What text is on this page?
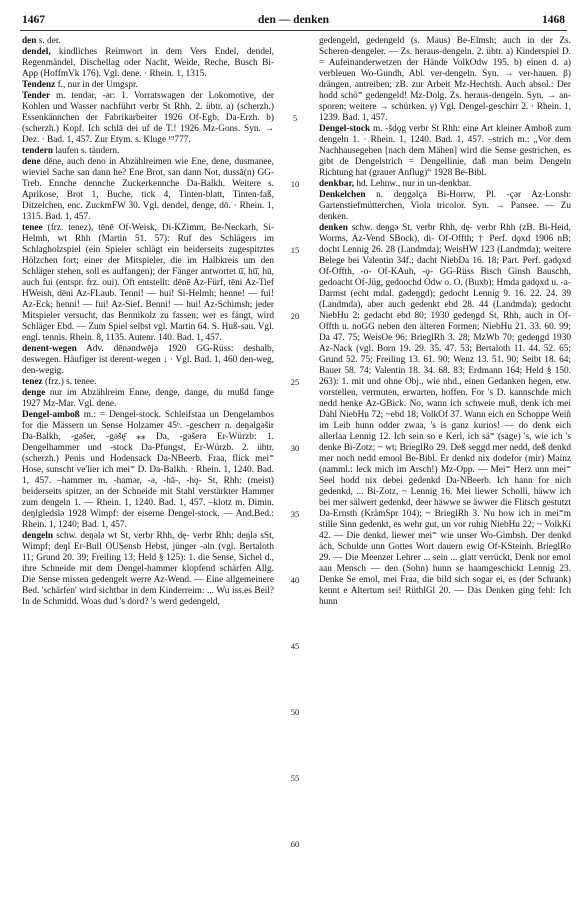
1467	den — denken	1468

den s. der.

dendel, kindliches Reimwort in dem Vers Endel, dendel, Regenmändel, Dischellag oder Nacht, Weide, Reche, Busch Bi-App (HoffmVk 176). Vgl. dene. · Rhein. 1, 1315.

Tendenz f., nur in der Umgspr.

Tender m. tendər, -ər: 1. Vorratswagen der Lokomotive, der Kohlen und Wasser nachführt verbr St Rhh. 2. übtr. a) (scherzh.) Essenkännchen der Fabrikarbeiter 1926 Of-Egb, Da-Erzh. b) (scherzh.) Kopf. Ich schlā dei uf de T.! 1926 Mz-Gons. Syn. → Dez. · Bad. 1, 457. Zur Etym. s. Kluge ¹⁹777.

tendern laufen s. tändern.

dene dēne, auch deno in Abzählreimen wie Ene, dene, dusmanee, wieviel Sache san dann he? Ene Brot, san dann Not, dussā(n) GG-Treb. Ennche dennche Zuckerkennche Da-Balkh. Weitere s. Aprikose, Brot 1, Buche, tick 4, Tinten-blatt, Tinten-faß, Ditzelchen, enc. ZuckmFW 30. Vgl. dendel, denge, dō. · Rhein. 1, 1315. Bad. 1, 457.

tenee (frz. tenez), tēnē Of-Weisk, Di-KZimm, Be-Neckarh, Si-Helmh, wt Rhh (Martin 51. 57): Ruf des Schlägers im Schlagholzspiel (ein Spieler schlägt ein beiderseits zugespitztes Hölzchen fort; einer der Mitspieler, die im Halbkreis um den Schläger stehen, soll es auffangen); der Fänger antwortet ū̄, hū̄, hū, auch fui (entspr. frz. oui). Oft entstellt: dēnē Az-Fürf, tēni Az-Tief HWeish, dēni Az-FLaub. Tenni! — hui! Si-Helmh; henne! — fui! Az-Eck; henni! — fui! Az-Sief. Benni! — hui! Az-Schimsh; jeder Mitspieler versucht, das Bennikolz zu fassen; wer es fängt, wird Schläger Ebd. — Zum Spiel selbst vgl. Martin 64. S. Huß-sau. Vgl. engl. tennis. Rhein. 8, 1135. Autenr. 140. Bad. 1, 457.

denent-wegen Adv. dēnəndwējə 1920 GG-Rüss: deshalb, deswegen. Häufiger ist derent-wegen ↓ · Vgl. Bad. 1, 460 den-weg, den-wegig.

tenez (frz.) s. tenee.

denge nur im Abzählreim Enne, denge, dange, du mußd fange 1927 Mz-Mar. Vgl. dene.

Dengel-amboß m.: = Dengel-stock. Schleifstaa un Dengelambos for die Mässern un Sense Holzamer 45ᵇ. -gescherr n. deŋəlgəšir Da-Balkh, -gəšer, -gəšę̄ ⁎⁎ Da, -gəšerə Er-Würzb: 1. Dengelhammer und -stock Da-Pfungst, Er-Würzb. 2. übtr. (scherzh.) Penis und Hodensack Da-NBeerb. Fraa, flick mei⁼ Hose, sunscht ve'lier ich mei⁼ D. Da-Balkh. · Rhein. 1, 1240. Bad. 1, 457. –hammer m. -hamər, -ə, -hā-, -hǫ- St, Rhh: (meist) beiderseits spitzer, an der Schneide mit Stahl verstärkter Hammer zum dengeln 1. — Rhein. 1, 1240. Bad. 1, 457. –klotz m. Dimin. deŋlgledslə 1928 Wimpf: der eiserne Dengel-stock. — And.Bed.: Rhein. 1, 1240; Bad. 1, 457.

dengeln schw. deŋələ wt St, verbr Rhh, dę- verbr Rhh; deŋlə sSt, Wimpf; deŋl Er-Bull OUSensb Hebst, jünger -əln (vgl. Bertaloth 11; Grund 20. 39; Freiling 13; Held § 125): 1. die Sense, Sichel d., ihre Schneide mit dem Dengel-hammer klopfend schärfen Allg. Die Sense missen gedengelt werre Az-Wend. — Eine allgemeinere Bed. 'schärfen' wird sichtbar in dem Kinderreim: ... Wu iss.es Beil? In de Schmidd. Woas dud 's dord? 's werd gedengeld,

5
10
15
20
25
30
35
40
45
50
55
60

gedengeld, gedengeld (s. Maus) Be-Elmsh; auch in der Zs. Scheren-dengeler. — Zs. heraus-dengeln. 2. übtr. a) Kinderspiel D. = Aufeinanderwetzen der Hände VolkOdw 195. b) einen d. a) verbleuen Wo-Gundh, Abl. ver-dengeln. Syn. → ver-hauen. β) drängen, antreiben; zB. zur Arbeit Mz-Hechtsh. Auch absol.: Der hodd schö⁼ gedengeld! Mz-Dolg. Zs. heraus-dengeln. Syn. → an-sporen; weitere → schürken. γ) Vgl. Dengel-geschirr 2. · Rhein. 1, 1239. Bad. 1, 457.

Dengel-stock m. -šdǫg verbr St Rhh: eine Art kleiner Amboß zum dengeln 1. · Rhein. 1, 1240. Bad. 1, 457. –strich m.: „Vor dem Nachhausegehen [nach dem Mähen] wird die Sense gestrichen, es gibt de Dengelstrich = Dengellinie, daß man beim Dengeln Richtung hat (grauer Anflug)“ 1928 Be-Bibl.

denkbar, hd. Lehnw., nur in un-denkbar.

Denkelchen n. deŋgəlçə Bi-Horrw, Pl. -çər Az-Lonsh: Gartenstiefmütterchen, Viola tricolor. Syn. → Pansee. — Zu denken.

denken schw. deŋgə St, verbr Rhh, dę- verbr Rhh (zB. Bi-Heid, Worms, Az-Vend SBock), di- Of-Offth; † Perf. dǫxd 1906 nB; docht Lennig 26. 28 (Landmda); WeisHW 123 (Landmda); weitere Belege bei Valentin 34f.; dacht NiebDa 16. 18; Part. Perf. gədǫxd Of-Offth, -o- Of-KAuh, -ǫ- GG-Rüss Bisch Ginsh Bauschh, gedoacht Of-Jüg, gedoochd Odw o. O. (Buxb); Hmda gədǫxd u. -a- Darmst (echt mdal. gədeŋgd); gedocht Lennig 9. 16. 22. 24. 39 (Landmda), aber auch gedenkt ebd 28. 44 (Landmda); gedocht NiebHu 2; gedacht ebd 80; 1930 gedeŋgd St, Rhh, auch in Of-Offth u. noGG neben den älteren Formen; NiebHu 21. 33. 60. 99; Da 47. 75; WeisOe 96; BrieglRh 3. 28; MzWb 70; gedeŋgd 1930 Az-Nack (vgl. Born 19. 29. 35. 47. 53; Bertaloth 11. 44. 52. 65; Grund 52. 75; Freiling 13. 61. 90; Wenz 13. 51. 90; Seibt 18. 64; Bauer 58. 74; Valentin 18. 34. 68. 83; Erdmann 164; Held § 150. 263): 1. mit und ohne Obj., wie nhd., einen Gedanken hegen, etw. vorstellen, vermuten, erwarten, hoffen. For 's D. kannschde mich nedd henke Az-GBick. No, wann ich schweie muß, denk ich mei Dahl NiebHu 72; ~ebd 18; VolkOf 37. Wann eich en Schoppe Weiñ im Leib hunn odder zwaa, 's is ganz kurios! — do denk eich allerlaa Lennig 12. Ich sein so e Kerl, ich sä⁼ (sage) 's, wie ich 's denke Bi-Zotz; ~ wt; BrieglRo 29. Deß seggd mer nedd, deß denkd mer noch nedd emool Be-Bibl. Er denkd nix dodefor (mir) Mainz (namml.: leck mich im Arsch!) Mz-Opp. — Mei⁼ Herz unn mei⁼ Seel hodd nix debei gedenkd Da-NBeerb. Ich hann for nich gedenkd, ... Bi-Zotz, ~ Lennig 16. Mei liewer Scholli, häww ich bei mer sälwert gedenkd, deer häwwe se äwwer die Flitsch gestutzt Da-Ernsth (KrämSpr 104); ~ BrieglRh 3. Nu how ich in mei⁼m stille Sinn gedenkt, es wehr gut, un vor ruhig NiebHu 22; ~ VolkKi 42. — Die denkd, liewer mei⁼ wie unser Wo-Gimbsh. Der denkd äch, Schulde unn Gottes Wort dauern ewig Of-KSteinh. BrieglRo 29. — Die Meenzer Lehrer ... sein ... glatt verrückt, Denk nor emol aan Mensch — den (Sohn) hunn se haamgeschickt Lennig 23. Denke Se emol, mei Fraa, die bild sich sogar ei, es (der Schrank) kennt e Altertum sei! RüthlGl 20. — Das Denken ging fehl: Ich hunn
